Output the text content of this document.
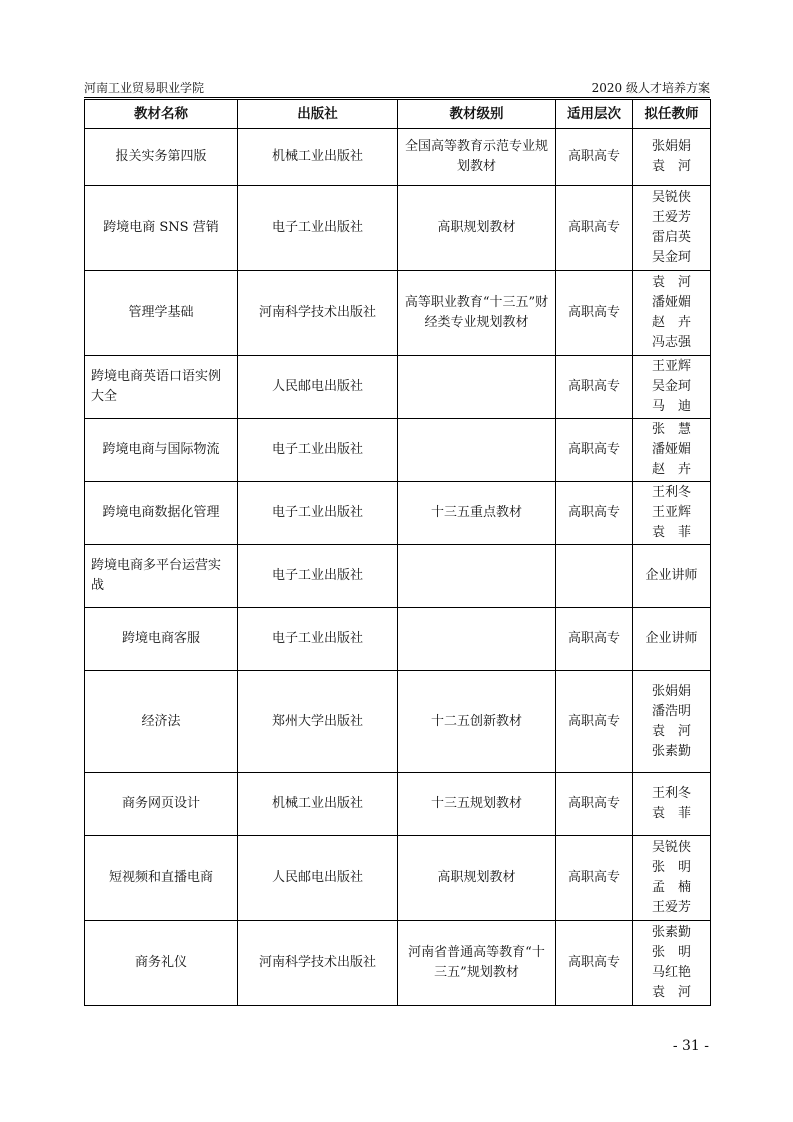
河南工业贸易职业学院	2020 级人才培养方案
教材名称	出版社	教材级别	适用层次	拟任教师
报关实务第四版	机械工业出版社	全国高等教育示范专业规划教材	高职高专	张娟娟
袁　河

跨境电商 SNS 营销	电子工业出版社	高职规划教材	高职高专	吴锐侠
王爱芳
雷启英
吴金珂

管理学基础	河南科学技术出版社	高等职业教育“十三五”财经类专业规划教材	高职高专	袁　河
潘娅媚
赵　卉
冯志强

跨境电商英语口语实例大全	人民邮电出版社		高职高专	王亚辉
吴金珂
马　迪

跨境电商与国际物流	电子工业出版社		高职高专	张　慧
潘娅媚
赵　卉

跨境电商数据化管理	电子工业出版社	十三五重点教材	高职高专	王利冬
王亚辉
袁　菲

跨境电商多平台运营实战	电子工业出版社			企业讲师

跨境电商客服	电子工业出版社		高职高专	企业讲师

经济法	郑州大学出版社	十二五创新教材	高职高专	张娟娟
潘浩明
袁　河
张素勤

商务网页设计	机械工业出版社	十三五规划教材	高职高专	王利冬
袁　菲

短视频和直播电商	人民邮电出版社	高职规划教材	高职高专	吴锐侠
张　明
孟　楠
王爱芳

商务礼仪	河南科学技术出版社	河南省普通高等教育“十三五”规划教材	高职高专	张素勤
张　明
马红艳
袁　河
- 31 -
